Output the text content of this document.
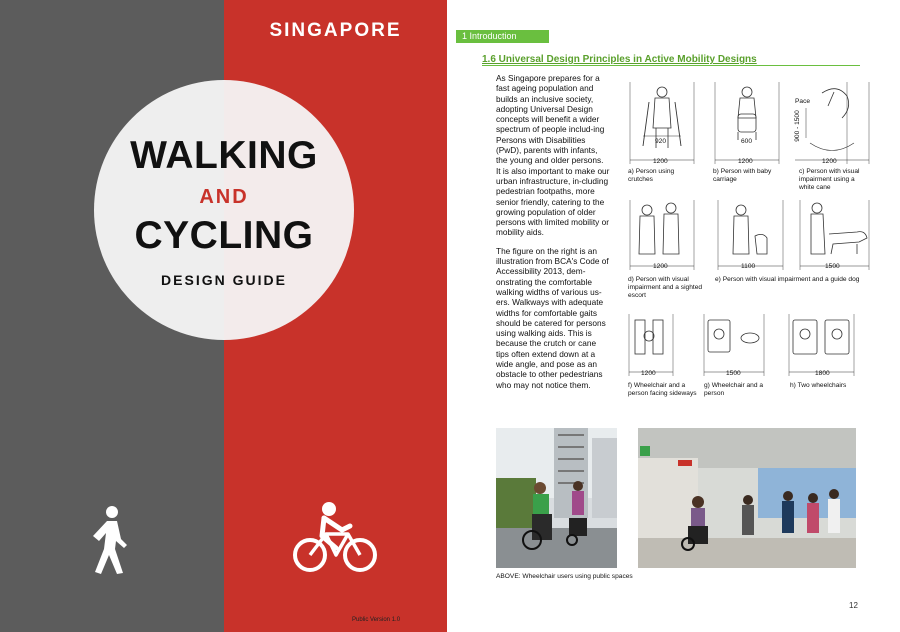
SINGAPORE
WALKING
AND
CYCLING
DESIGN GUIDE
Public Version 1.0
1 Introduction
1.6 Universal Design Principles in Active Mobility Designs

As Singapore prepares for a fast ageing population and builds an inclusive society, adopting Universal Design concepts will benefit a wider spectrum of people includ-ing Persons with Disabilities (PwD), parents with infants, the young and older persons. It is also important to make our urban infrastructure, in-cluding pedestrian footpaths, more senior friendly, catering to the growing population of older persons with limited mobility or mobility aids.

The figure on the right is an illustration from BCA's Code of Accessibility 2013, dem-onstrating the comfortable walking widths of various us-ers. Walkways with adequate widths for comfortable gaits should be catered for persons using walking aids. This is because the crutch or cane tips often extend down at a wide angle, and pose as an obstacle to other pedestrians who may not notice them.

920
1200
a) Person using crutches
600
1200
b) Person with baby carriage
Pace
900 - 1500
1200
c) Person with visual impairment using a white cane
1200
d) Person with visual impairment and a sighted escort
1100	1500
e) Person with visual impairment and a guide dog
1200
f) Wheelchair and a person facing sideways
1500
g) Wheelchair and a person
1800
h) Two wheelchairs
ABOVE: Wheelchair users using public spaces
12
